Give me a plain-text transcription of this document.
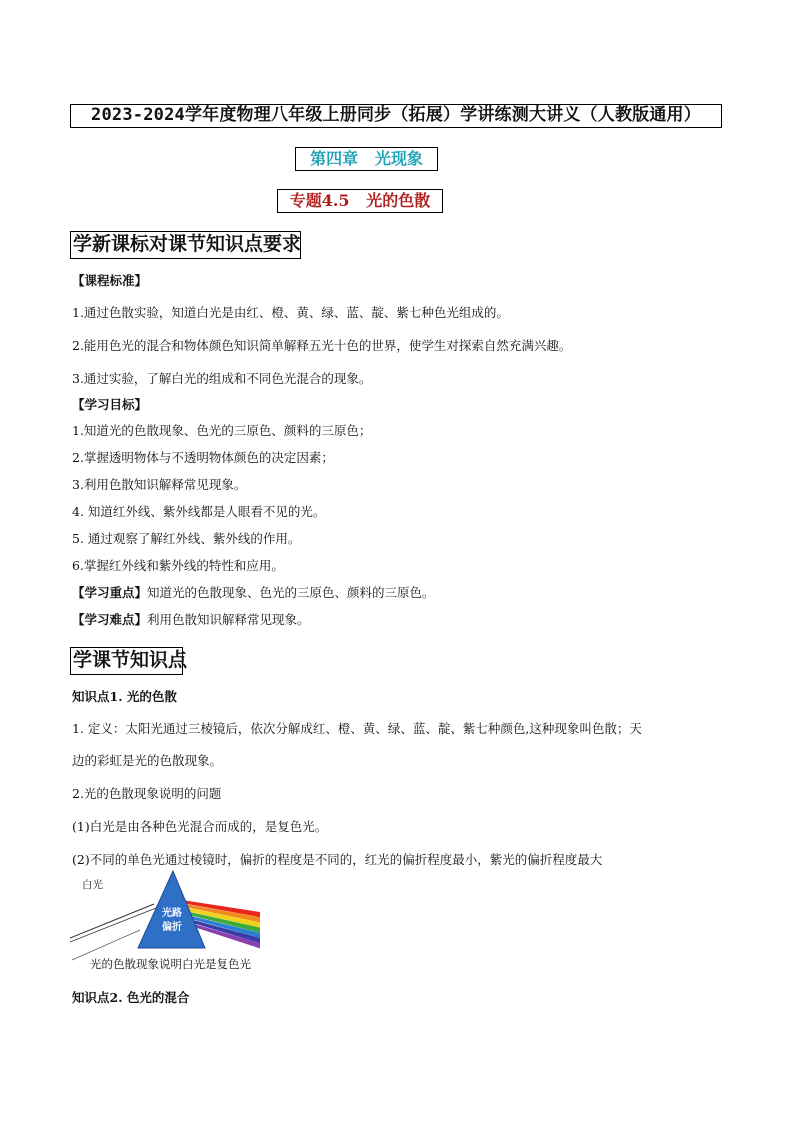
2023-2024学年度物理八年级上册同步（拓展）学讲练测大讲义（人教版通用）
第四章   光现象
专题4.5   光的色散
学新课标对课节知识点要求
【课程标准】
1.通过色散实验，知道白光是由红、橙、黄、绿、蓝、靛、紫七种色光组成的。
2.能用色光的混合和物体颜色知识简单解释五光十色的世界，使学生对探索自然充满兴趣。
3.通过实验，了解白光的组成和不同色光混合的现象。
【学习目标】
1.知道光的色散现象、色光的三原色、颜料的三原色；
2.掌握透明物体与不透明物体颜色的决定因素；
3.利用色散知识解释常见现象。
4. 知道红外线、紫外线都是人眼看不见的光。
5. 通过观察了解红外线、紫外线的作用。
6.掌握红外线和紫外线的特性和应用。
【学习重点】知道光的色散现象、色光的三原色、颜料的三原色。
【学习难点】利用色散知识解释常见现象。
学课节知识点
知识点1. 光的色散
1. 定义：太阳光通过三棱镜后，依次分解成红、橙、黄、绿、蓝、靛、紫七种颜色,这种现象叫色散；天
边的彩虹是光的色散现象。
2.光的色散现象说明的问题
(1)白光是由各种色光混合而成的，是复色光。
(2)不同的单色光通过棱镜时，偏折的程度是不同的，红光的偏折程度最小，紫光的偏折程度最大
光路
偏折
白光
光的色散现象说明白光是复色光
知识点2. 色光的混合
